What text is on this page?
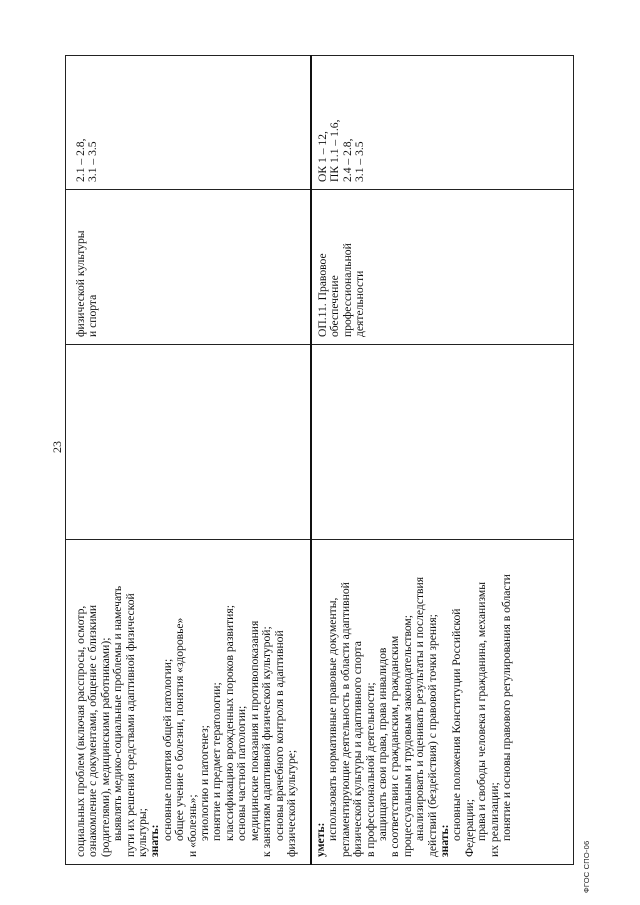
23
социальных проблем (включая расспросы, осмотр, ознакомление с документами, общение с близкими (родителями), медицинскими работниками); выявлять медико-социальные проблемы и намечать пути их решения средствами адаптивной физической культуры; знать: основные понятия общей патологии; общее учение о болезни, понятия «здоровье» и «болезнь»; этиологию и патогенез; понятие и предмет тератологии; классификацию врожденных пороков развития; основы частной патологии; медицинские показания и противопоказания к занятиям адаптивной физической культурой; основы врачебного контроля в адаптивной физической культуре; уметь: использовать нормативные правовые документы, регламентирующие деятельность в области адаптивной физической культуры и адаптивного спорта в профессиональной деятельности; защищать свои права, права инвалидов в соответствии с гражданским, гражданским процессуальным и трудовым законодательством; анализировать и оценивать результаты и последствия действий (бездействия) с правовой точки зрения; знать: основные положения Конституции Российской Федерации; права и свободы человека и гражданина, механизмы их реализации; понятие и основы правового регулирования в области
физической культуры и спорта	ОП.11. Правовое обеспечение профессиональной деятельности
2.1 – 2.8, 3.1 – 3.5	ОК 1 – 12, ПК 1.1 – 1.6, 2.4 – 2.8, 3.1 – 3.5
ФГОС СПО-06
